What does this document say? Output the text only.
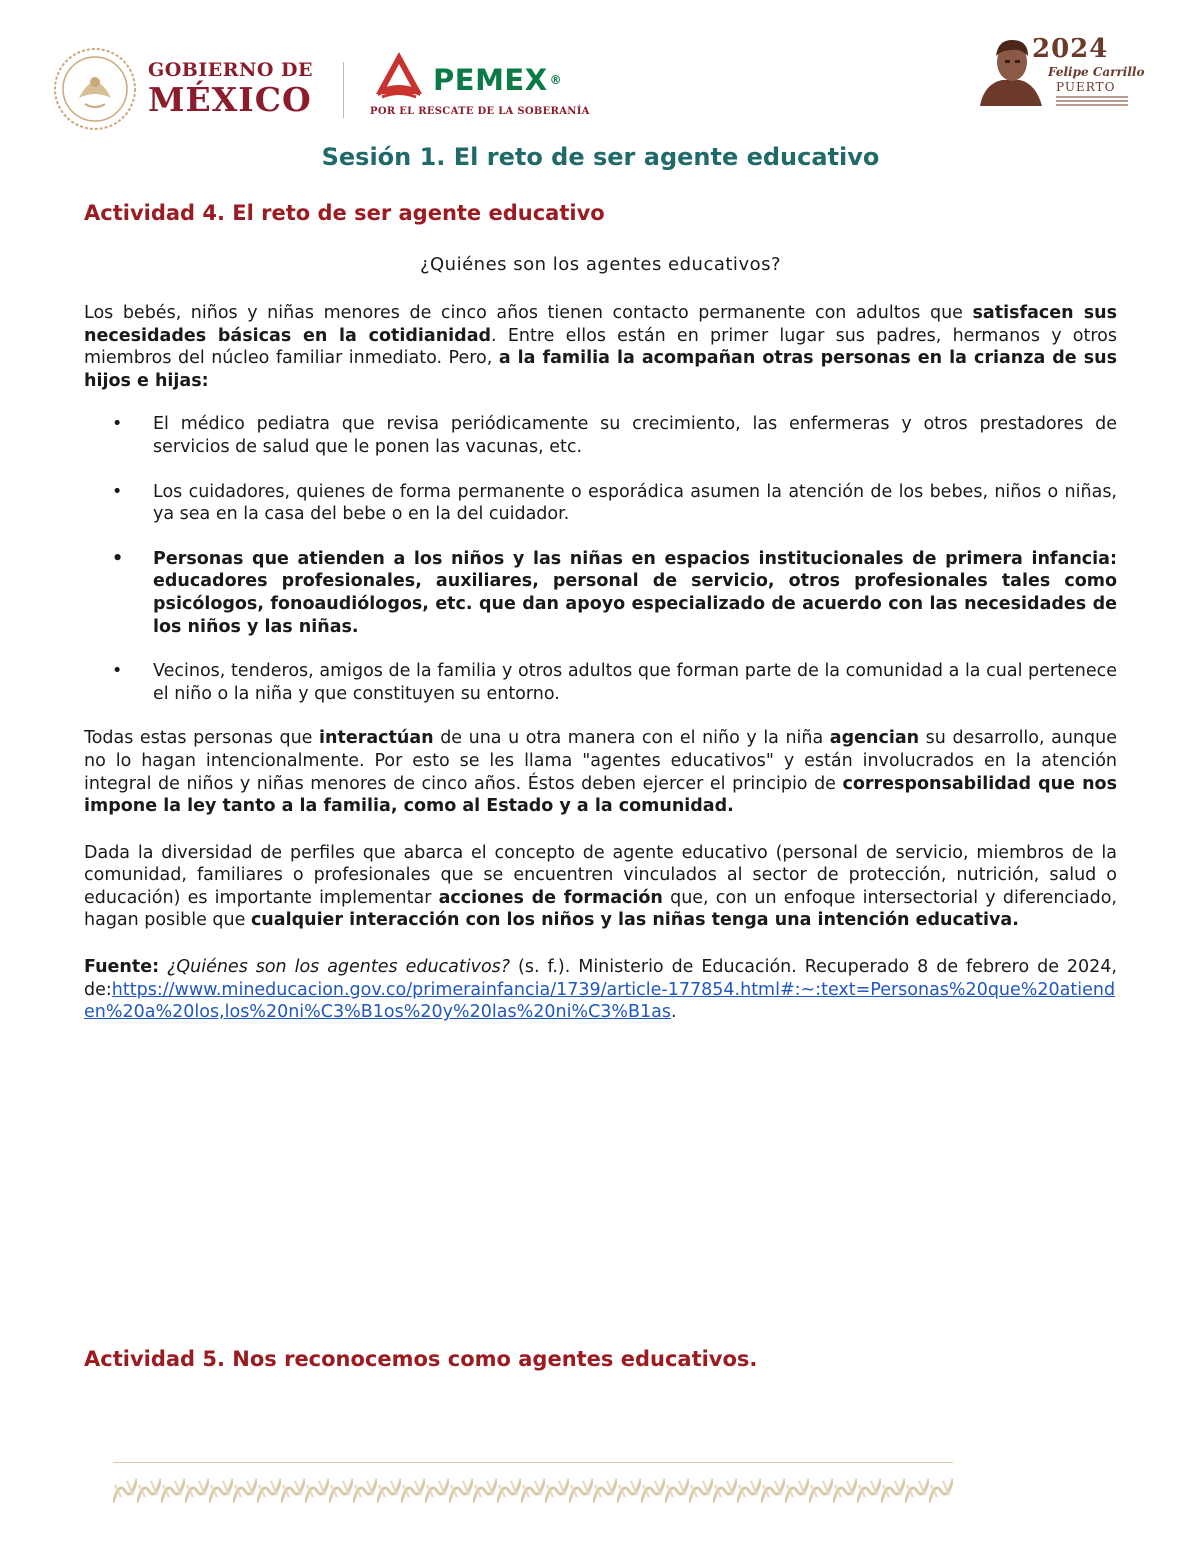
GOBIERNO DE
MÉXICO	PEMEX ®
POR EL RESCATE DE LA SOBERANÍA
2024
Felipe Carrillo
PUERTO
Sesión 1. El reto de ser agente educativo
Actividad 4. El reto de ser agente educativo
¿Quiénes son los agentes educativos?

Los bebés, niños y niñas menores de cinco años tienen contacto permanente con adultos que satisfacen sus necesidades básicas en la cotidianidad. Entre ellos están en primer lugar sus padres, hermanos y otros miembros del núcleo familiar inmediato. Pero, a la familia la acompañan otras personas en la crianza de sus hijos e hijas:

• El médico pediatra que revisa periódicamente su crecimiento, las enfermeras y otros prestadores de servicios de salud que le ponen las vacunas, etc.
• Los cuidadores, quienes de forma permanente o esporádica asumen la atención de los bebes, niños o niñas, ya sea en la casa del bebe o en la del cuidador.
• Personas que atienden a los niños y las niñas en espacios institucionales de primera infancia: educadores profesionales, auxiliares, personal de servicio, otros profesionales tales como psicólogos, fonoaudiólogos, etc. que dan apoyo especializado de acuerdo con las necesidades de los niños y las niñas.
• Vecinos, tenderos, amigos de la familia y otros adultos que forman parte de la comunidad a la cual pertenece el niño o la niña y que constituyen su entorno.

Todas estas personas que interactúan de una u otra manera con el niño y la niña agencian su desarrollo, aunque no lo hagan intencionalmente. Por esto se les llama "agentes educativos" y están involucrados en la atención integral de niños y niñas menores de cinco años. Éstos deben ejercer el principio de corresponsabilidad que nos impone la ley tanto a la familia, como al Estado y a la comunidad.

Dada la diversidad de perfiles que abarca el concepto de agente educativo (personal de servicio, miembros de la comunidad, familiares o profesionales que se encuentren vinculados al sector de protección, nutrición, salud o educación) es importante implementar acciones de formación que, con un enfoque intersectorial y diferenciado, hagan posible que cualquier interacción con los niños y las niñas tenga una intención educativa.

Fuente: ¿Quiénes son los agentes educativos? (s. f.). Ministerio de Educación. Recuperado 8 de febrero de 2024, de:https://www.mineducacion.gov.co/primerainfancia/1739/article-177854.html#:~:text=Personas%20que%20atienden%20a%20los,los%20ni%C3%B1os%20y%20las%20ni%C3%B1as.

Actividad 5. Nos reconocemos como agentes educativos.
